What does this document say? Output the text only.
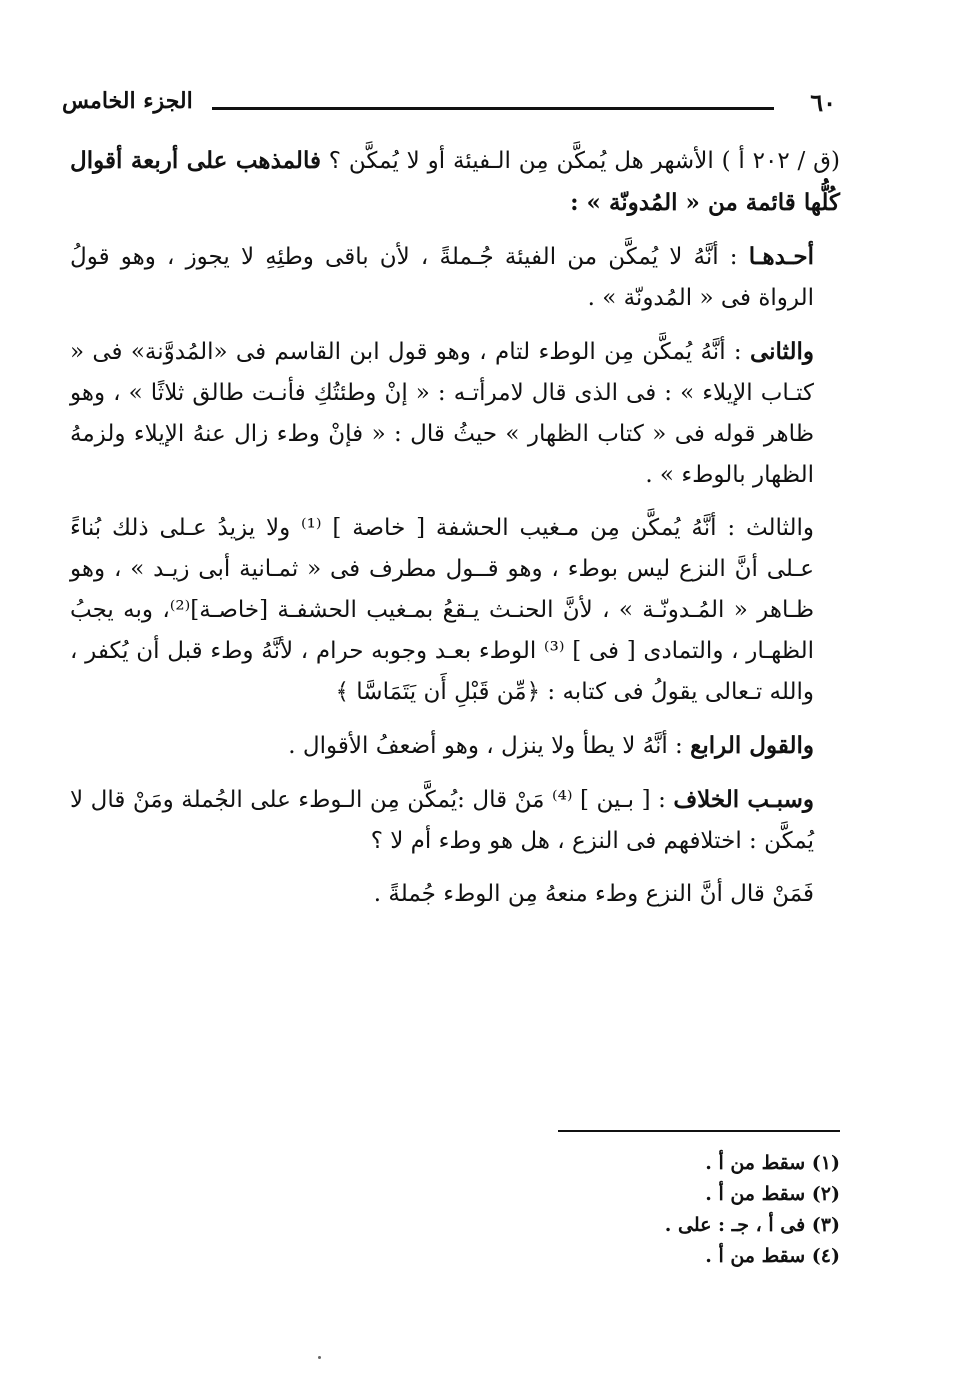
٦٠
الجزء الخامس

(ق / ٢٠٢ أ ) الأشهر هل يُمكَّن مِن الـفيئة أو لا يُمكَّن ؟ فالمذهب على أربعة أقوال كُلُّها قائمة من « المُدونّة » :

أحـدهـا : أنَّهُ لا يُمكَّن من الفيئة جُـملةً ، لأن باقى وطئِهِ لا يجوز ، وهو قولُ الرواة فى « المُدونّة » .

والثانى : أنَّهُ يُمكَّن مِن الوطء لتام ، وهو قول ابن القاسم فى «المُدوَّنة» فى « كتـاب الإيلاء » : فى الذى قال لامرأتـه : « إنْ وطئتُكِ فأنـت طالق ثلاثًا » ، وهو ظاهر قوله فى « كتاب الظهار » حيثُ قال : « فإنْ وطء زال عنهُ الإيلاء ولزمهُ الظهار بالوطء » .

والثالث : أنَّهُ يُمكَّن مِن مـغيب الحشفة [ خاصة ] ⁽¹⁾ ولا يزيدُ عـلى ذلك بُناءً عـلى أنَّ النزع ليس بوطء ، وهو قــول مطرف فى « ثمـانية أبى زيـد » ، وهو ظـاهر « المُـدونّـة » ، لأنَّ الحنـث يـقعُ بمـغيب الحشفـة [خاصـة]⁽²⁾، وبه يجبُ الظهـار ، والتمادى [ فى ] ⁽³⁾ الوطء بعـد وجوبه حرام ، لأنَّهُ وطء قبل أن يُكفر ، والله تـعالى يقولُ فى كتابه : ﴿مِّن قَبْلِ أَن يَتَمَاسَّا ﴾

والقول الرابع : أنَّهُ لا يطأ ولا ينزل ، وهو أضعفُ الأقوال .

وسبـب الخلاف : [ بـين ] ⁽⁴⁾ مَنْ قال :يُمكَّن مِن الـوطء على الجُملة ومَنْ قال لا يُمكَّن : اختلافهم فى النزع ، هل هو وطء أم لا ؟

فَمَنْ قال أنَّ النزع وطء منعهُ مِن الوطء جُملةً .

(١) سقط من أ .

(٢) سقط من أ .

(٣) فى أ ، جـ : على .

(٤) سقط من أ .
